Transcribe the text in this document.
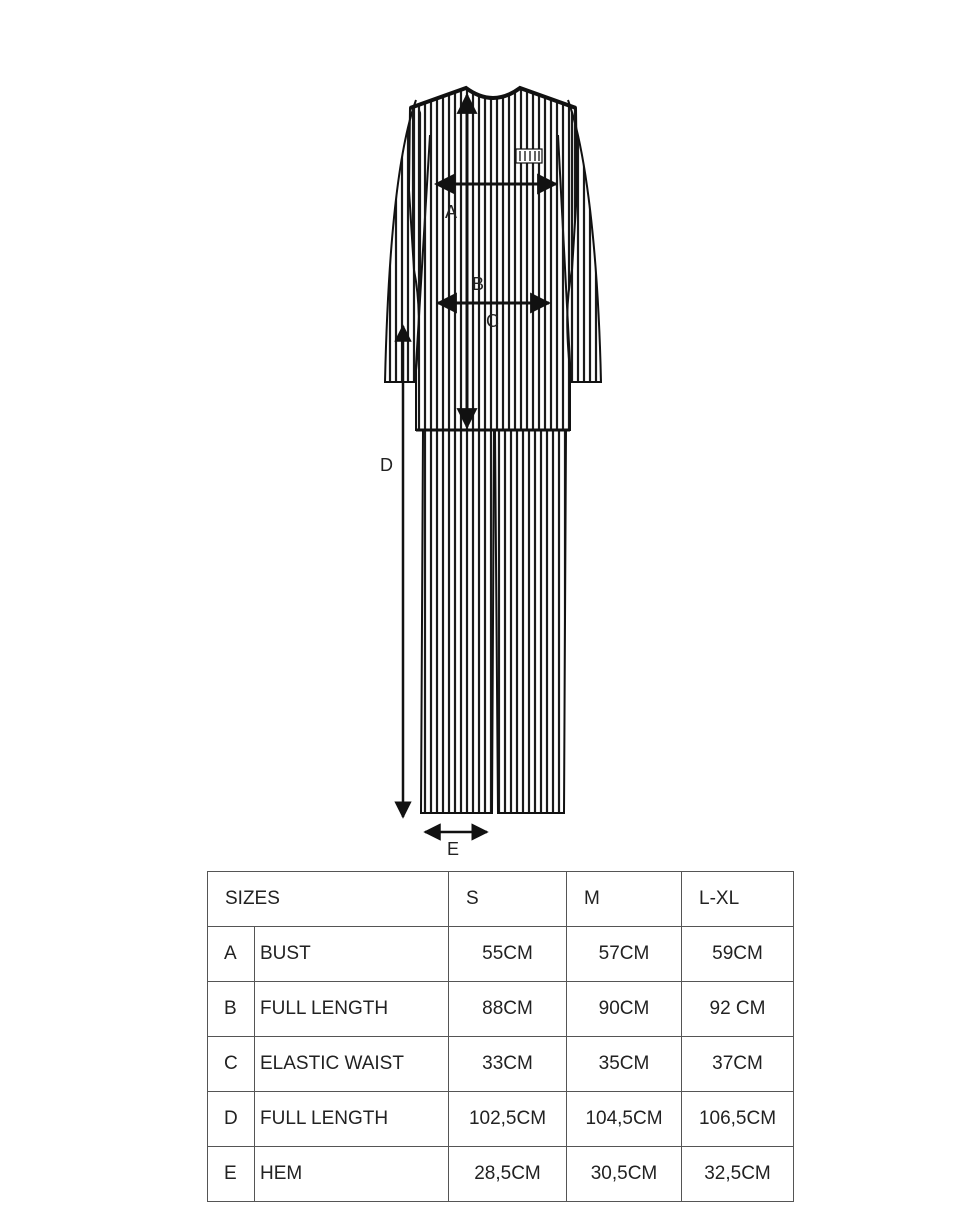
A
B
C
D
E
SIZES		S	M	L-XL
A	BUST	55CM	57CM	59CM
B	FULL LENGTH	88CM	90CM	92 CM
C	ELASTIC WAIST	33CM	35CM	37CM
D	FULL LENGTH	102,5CM	104,5CM	106,5CM
E	HEM	28,5CM	30,5CM	32,5CM
